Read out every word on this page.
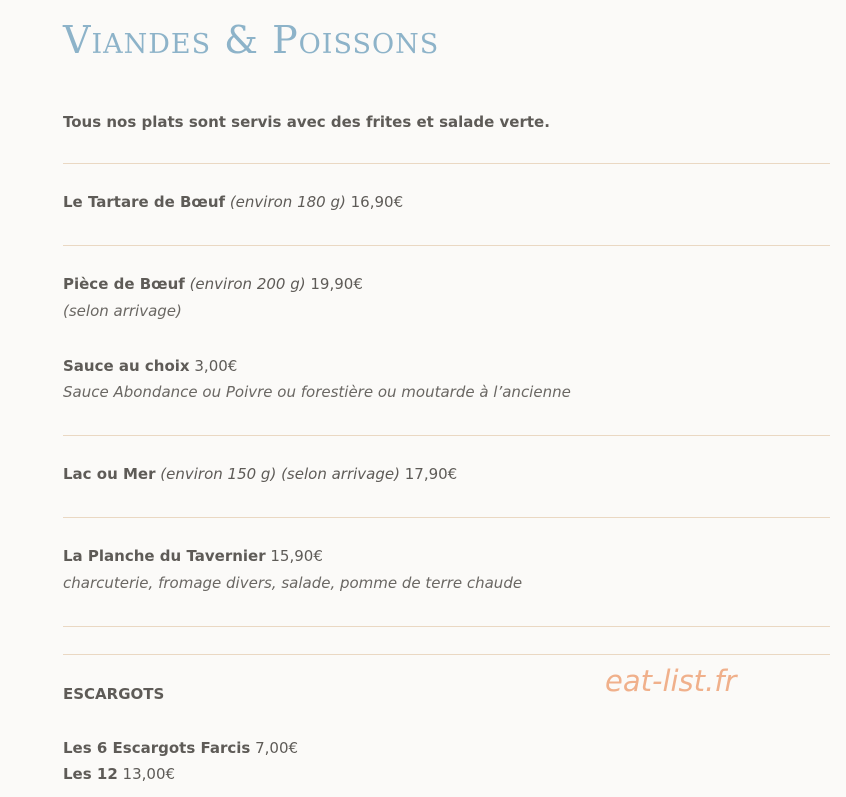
Viandes & Poissons

Tous nos plats sont servis avec des frites et salade verte.

Le Tartare de Bœuf (environ 180 g) 16,90€

Pièce de Bœuf (environ 200 g) 19,90€

(selon arrivage)

Sauce au choix 3,00€

Sauce Abondance ou Poivre ou forestière ou moutarde à l’ancienne

Lac ou Mer (environ 150 g) (selon arrivage) 17,90€

La Planche du Tavernier 15,90€

charcuterie, fromage divers, salade, pomme de terre chaude

ESCARGOTS	eat-list.fr

Les 6 Escargots Farcis 7,00€

Les 12 13,00€
